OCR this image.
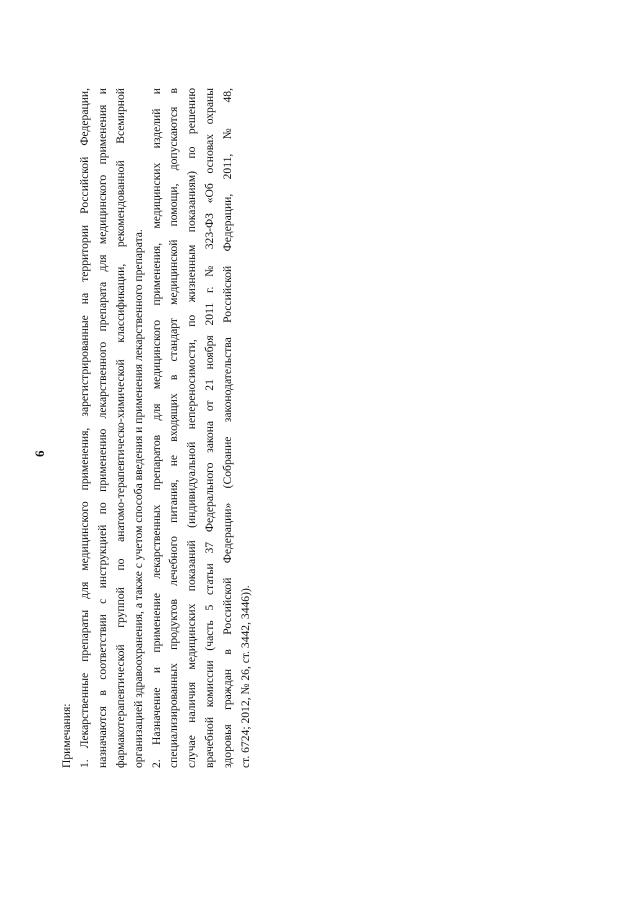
6

Примечания: 1. Лекарственные препараты для медицинского применения, зарегистрированные на территории Российской Федерации, назначаются в соответствии с инструкцией по применению лекарственного препарата для медицинского применения и фармакотерапевтической группой по анатомо-терапевтическо-химической классификации, рекомендованной Всемирной организацией здравоохранения, а также с учетом способа введения и применения лекарственного препарата. 2. Назначение и применение лекарственных препаратов для медицинского применения, медицинских изделий и специализированных продуктов лечебного питания, не входящих в стандарт медицинской помощи, допускаются в случае наличия медицинских показаний (индивидуальной непереносимости, по жизненным показаниям) по решению врачебной комиссии (часть 5 статьи 37 Федерального закона от 21 ноября 2011 г. № 323-ФЗ «Об основах охраны здоровья граждан в Российской Федерации» (Собрание законодательства Российской Федерации, 2011, № 48, ст. 6724; 2012, № 26, ст. 3442, 3446)).
